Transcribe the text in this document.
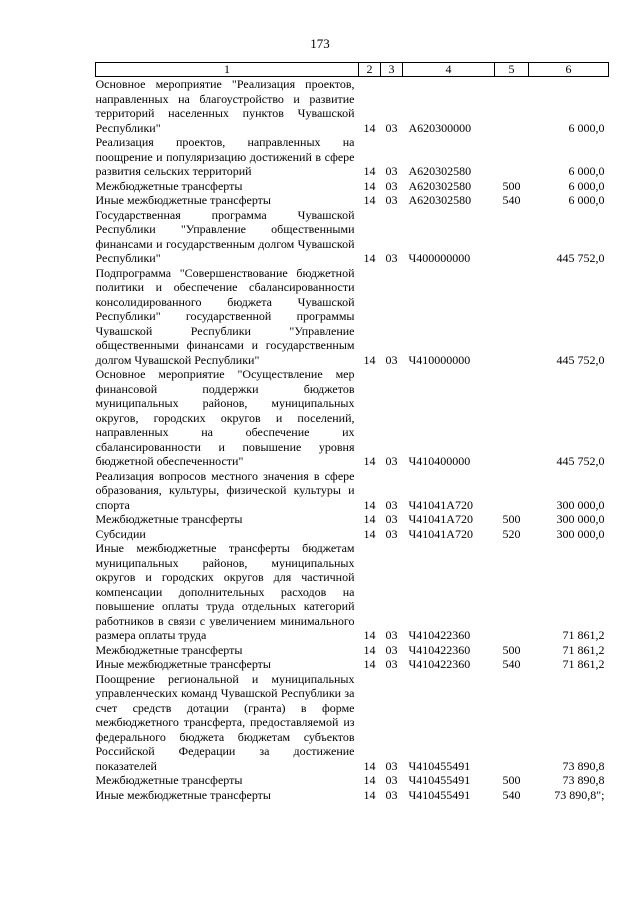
173
1	2	3	4	5	6
Основное мероприятие "Реализация проектов, направленных на благоустройство и развитие территорий населенных пунктов Чувашской Республики"	14	03	А620300000		6 000,0
Реализация проектов, направленных на поощрение и популяризацию достижений в сфере развития сельских территорий	14	03	А620302580		6 000,0
Межбюджетные трансферты	14	03	А620302580	500	6 000,0
Иные межбюджетные трансферты	14	03	А620302580	540	6 000,0
Государственная программа Чувашской Республики "Управление общественными финансами и государственным долгом Чувашской Республики"	14	03	Ч400000000		445 752,0
Подпрограмма "Совершенствование бюджетной политики и обеспечение сбалансированности консолидированного бюджета Чувашской Республики" государственной программы Чувашской Республики "Управление общественными финансами и государственным долгом Чувашской Республики"	14	03	Ч410000000		445 752,0
Основное мероприятие "Осуществление мер финансовой поддержки бюджетов муниципальных районов, муниципальных округов, городских округов и поселений, направленных на обеспечение их сбалансированности и повышение уровня бюджетной обеспеченности"	14	03	Ч410400000		445 752,0
Реализация вопросов местного значения в сфере образования, культуры, физической культуры и спорта	14	03	Ч41041А720		300 000,0
Межбюджетные трансферты	14	03	Ч41041А720	500	300 000,0
Субсидии	14	03	Ч41041А720	520	300 000,0
Иные межбюджетные трансферты бюджетам муниципальных районов, муниципальных округов и городских округов для частичной компенсации дополнительных расходов на повышение оплаты труда отдельных категорий работников в связи с увеличением минимального размера оплаты труда	14	03	Ч410422360		71 861,2
Межбюджетные трансферты	14	03	Ч410422360	500	71 861,2
Иные межбюджетные трансферты	14	03	Ч410422360	540	71 861,2
Поощрение региональной и муниципальных управленческих команд Чувашской Республики за счет средств дотации (гранта) в форме межбюджетного трансферта, предоставляемой из федерального бюджета бюджетам субъектов Российской Федерации за достижение показателей	14	03	Ч410455491		73 890,8
Межбюджетные трансферты	14	03	Ч410455491	500	73 890,8
Иные межбюджетные трансферты	14	03	Ч410455491	540	73 890,8";
